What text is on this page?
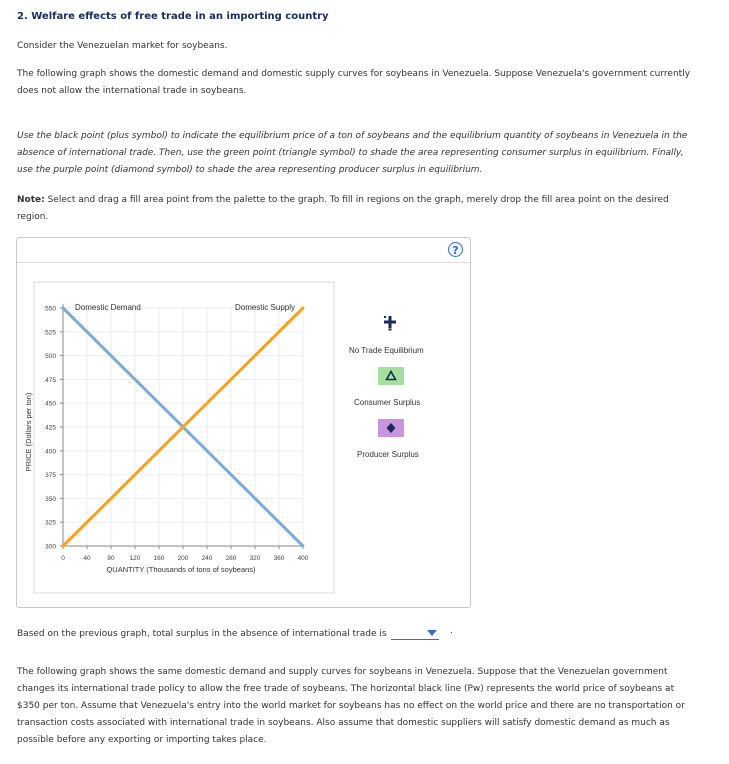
2. Welfare effects of free trade in an importing country
Consider the Venezuelan market for soybeans.
The following graph shows the domestic demand and domestic supply curves for soybeans in Venezuela. Suppose Venezuela's government currently
does not allow the international trade in soybeans.
Use the black point (plus symbol) to indicate the equilibrium price of a ton of soybeans and the equilibrium quantity of soybeans in Venezuela in the
absence of international trade. Then, use the green point (triangle symbol) to shade the area representing consumer surplus in equilibrium. Finally,
use the purple point (diamond symbol) to shade the area representing producer surplus in equilibrium.
Note: Select and drag a fill area point from the palette to the graph. To fill in regions on the graph, merely drop the fill area point on the desired
region.
?
300
325
350
375
400
425
450
475
500
525
550
0	40	80 120 160 200 240 280 320 360 400
QUANTITY (Thousands of tons of soybeans)
PRICE (Dollars per ton)
Domestic Demand	Domestic Supply
No Trade Equilibrium
Consumer Surplus
Producer Surplus
Based on the previous graph, total surplus in the absence of international trade is	.
The following graph shows the same domestic demand and supply curves for soybeans in Venezuela. Suppose that the Venezuelan government
changes its international trade policy to allow the free trade of soybeans. The horizontal black line (Pw) represents the world price of soybeans at
$350 per ton. Assume that Venezuela's entry into the world market for soybeans has no effect on the world price and there are no transportation or
transaction costs associated with international trade in soybeans. Also assume that domestic suppliers will satisfy domestic demand as much as
possible before any exporting or importing takes place.
